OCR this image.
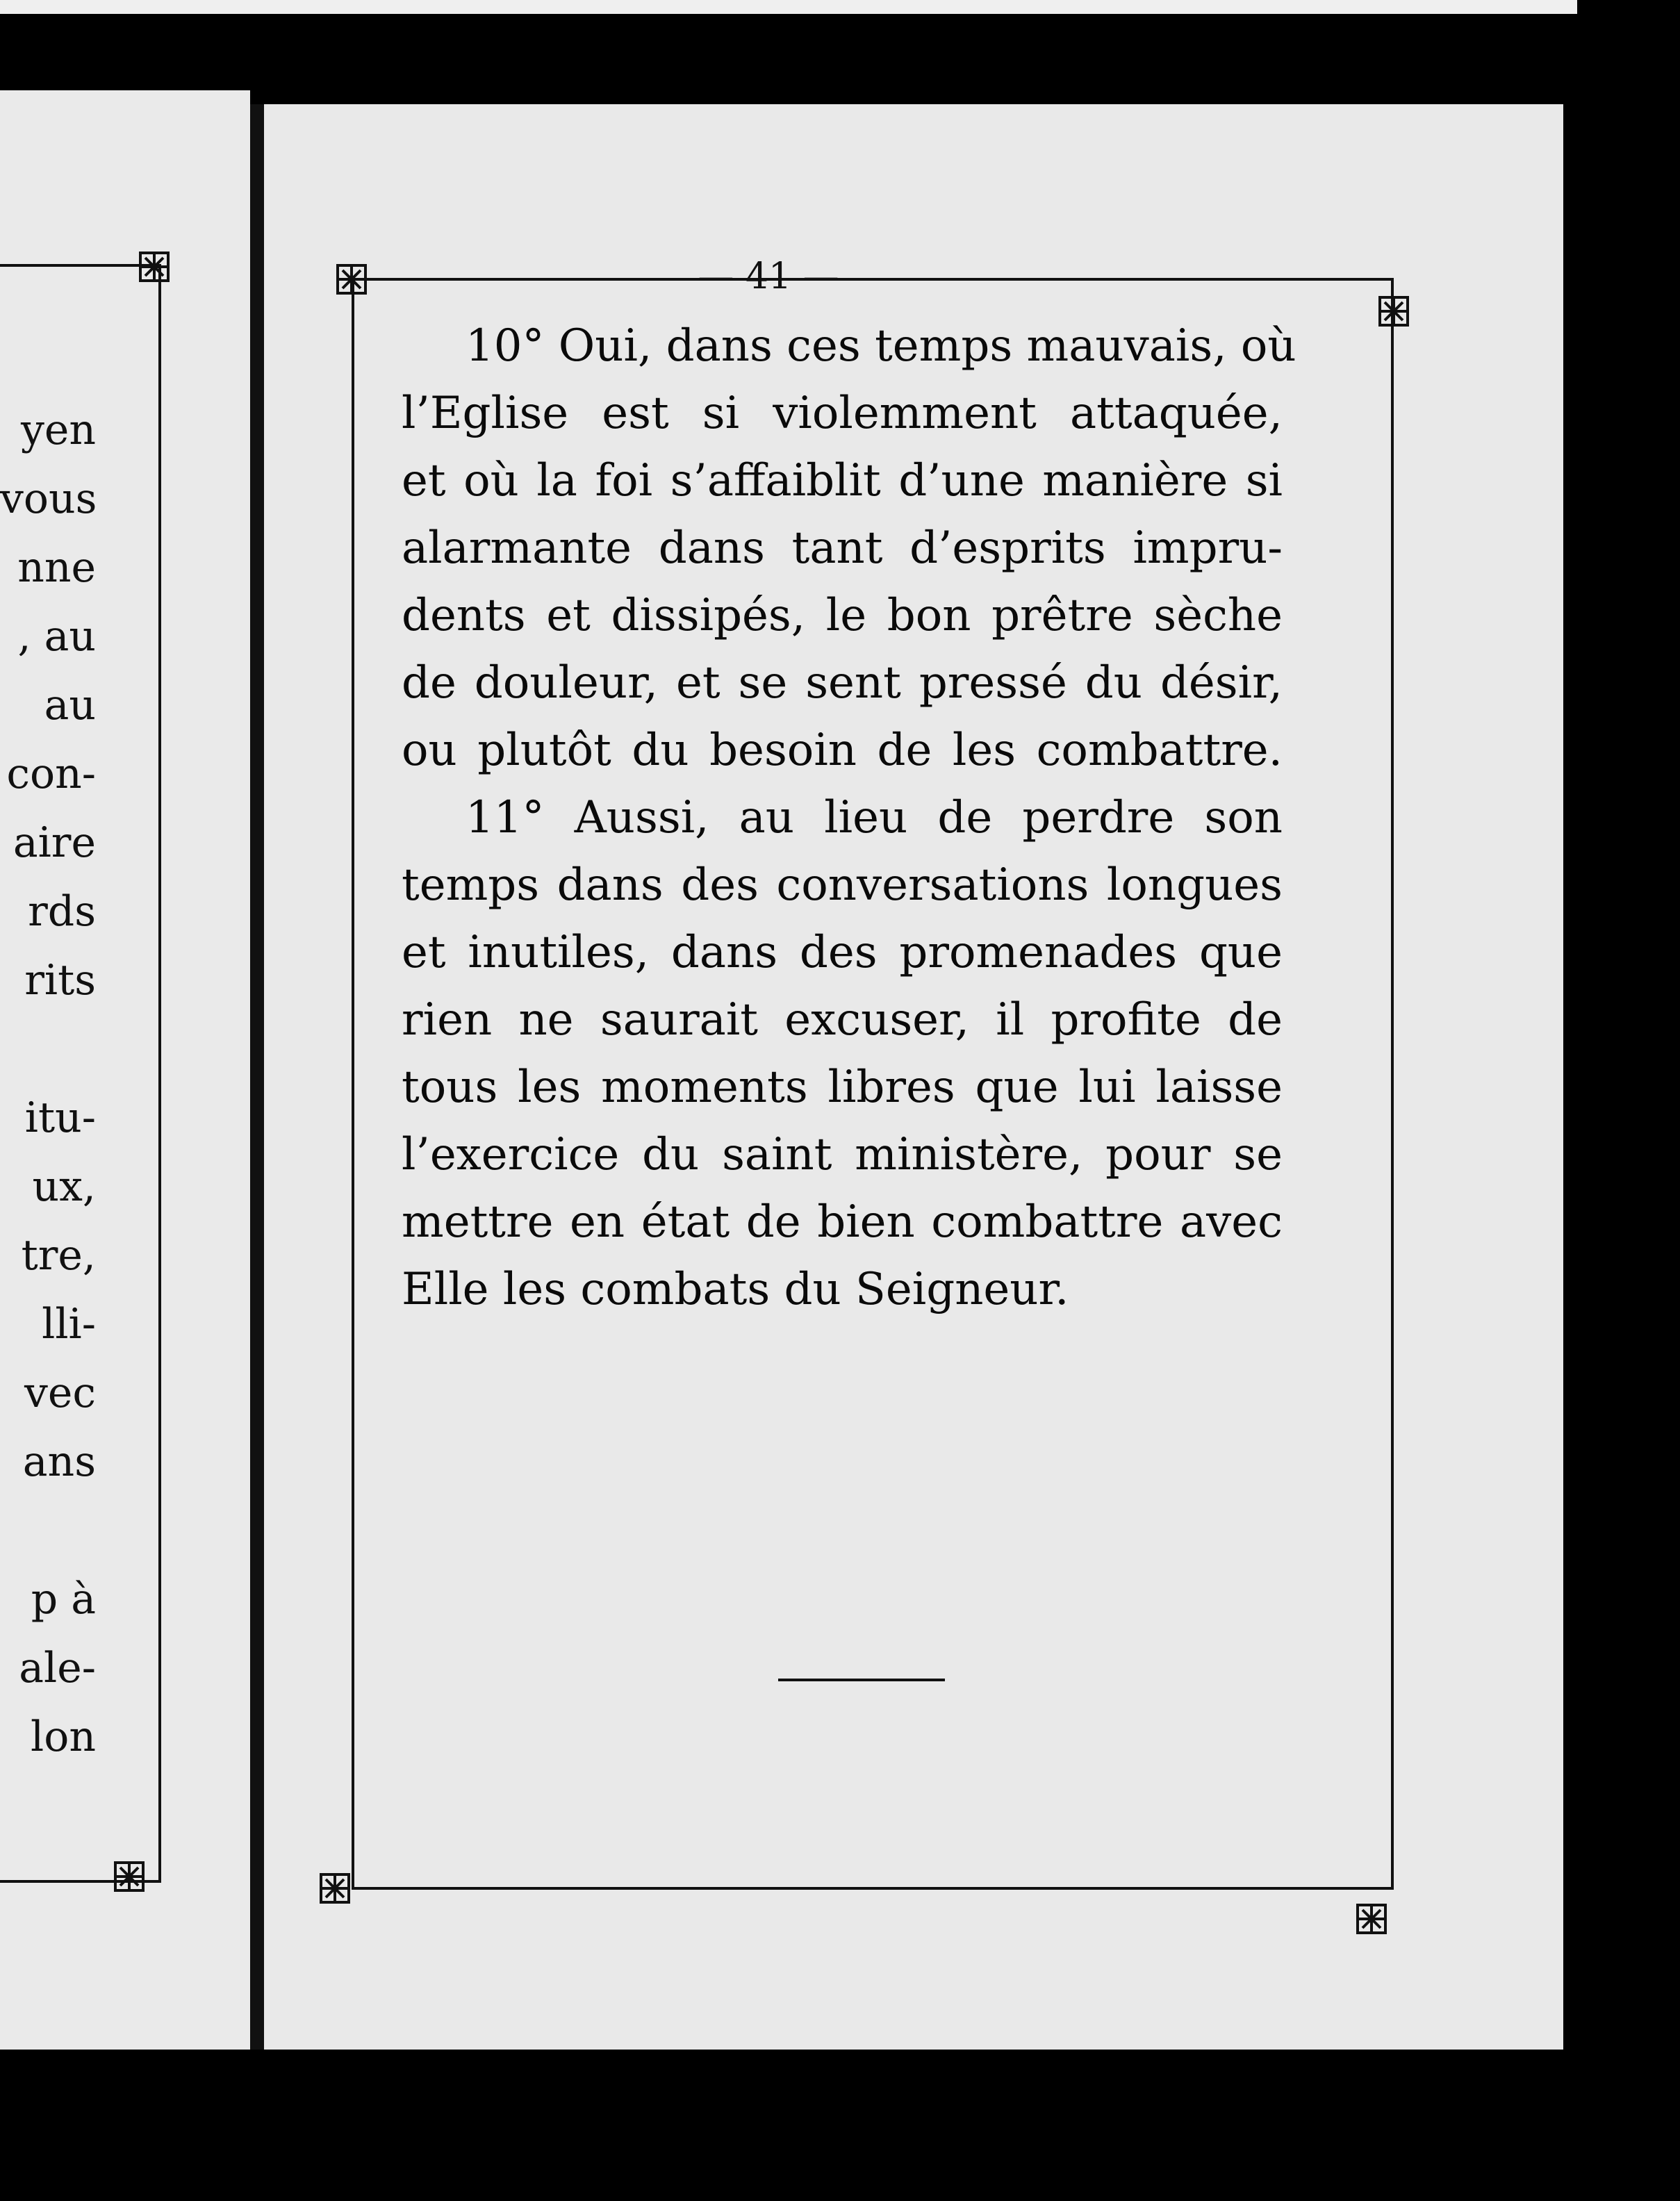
yen
vous
nne
, au
au
con-
aire
rds
rits
itu-
ux,
tre,
lli-
vec
ans
p à
ale-
lon
— 41 —
10° Oui, dans ces temps mauvais, où
l’Eglise est si violemment attaquée,
et où la foi s’affaiblit d’une manière si
alarmante dans tant d’esprits impru-
dents et dissipés, le bon prêtre sèche
de douleur, et se sent pressé du désir,
ou plutôt du besoin de les combattre.
11° Aussi, au lieu de perdre son
temps dans des conversations longues
et inutiles, dans des promenades que
rien ne saurait excuser, il profite de
tous les moments libres que lui laisse
l’exercice du saint ministère, pour se
mettre en état de bien combattre avec
Elle les combats du Seigneur.
